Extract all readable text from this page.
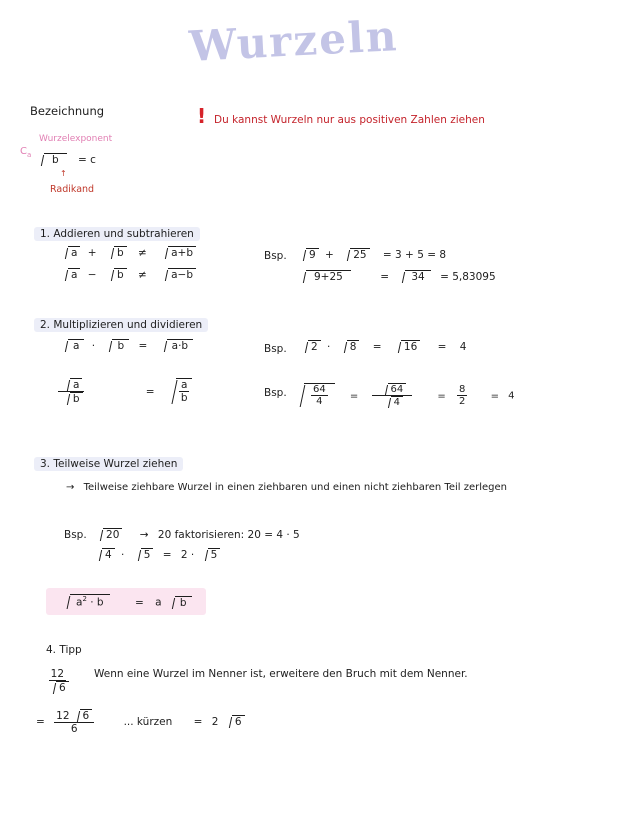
Wurzeln
Bezeichnung
Wurzelexponent
$C_a$	b = c
↑
Radikand
! Du kannst Wurzeln nur aus positiven Zahlen ziehen
1. Addieren und subtrahieren
a + b ≠ a+b
a − b ≠ a−b
Bsp.	9 + 25 = 3 + 5 = 8
9+25	= 34 = 5,83095
2. Multiplizieren und dividieren
a · b = a·b
$\frac{a}{b}$	= $\frac{a}{b}$
Bsp.	2 · 8 = 16 = 4
Bsp. $\frac{64}{4} = \frac{64}{4}$	= $\frac{8}{2} = 4$
3. Teilweise Wurzel ziehen
→ Teilweise ziehbare Wurzel in einen ziehbaren und einen nicht ziehbaren Teil zerlegen
Bsp. 20 → 20 faktorisieren: 20 = 4 · 5
4 · 5 = 2 · 5
$a^2 \cdot b$	= a b
4. Tipp
$\frac{12}{6}$ Wenn eine Wurzel im Nenner ist, erweitere den Bruch mit dem Nenner.
= $\frac{12 6}{6}$	... kürzen = 2 6
